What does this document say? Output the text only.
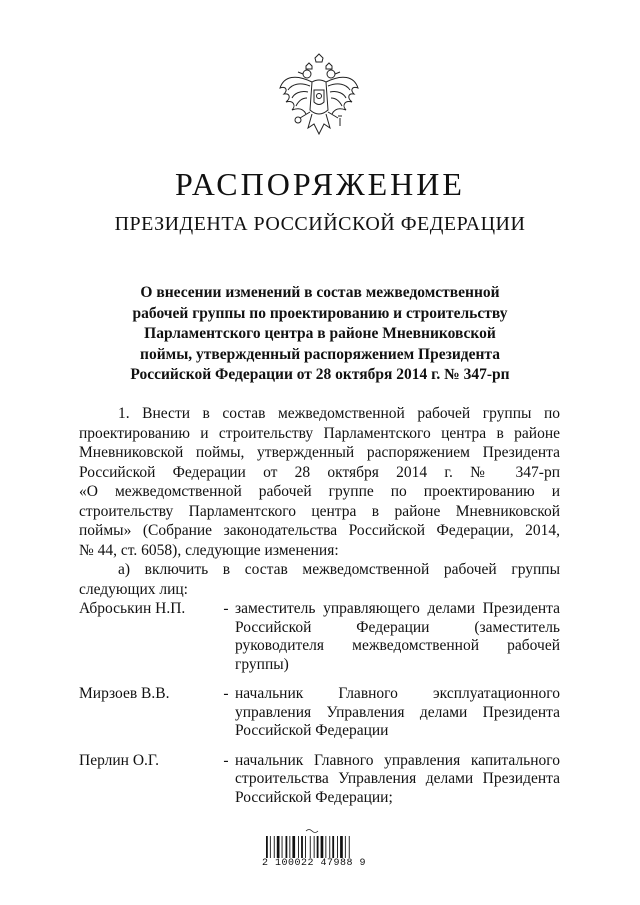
РАСПОРЯЖЕНИЕ
ПРЕЗИДЕНТА РОССИЙСКОЙ ФЕДЕРАЦИИ
О внесении изменений в состав межведомственной
рабочей группы по проектированию и строительству
Парламентского центра в районе Мневниковской
поймы, утвержденный распоряжением Президента
Российской Федерации от 28 октября 2014 г. № 347-рп
1. Внести в состав межведомственной рабочей группы по
проектированию и строительству Парламентского центра в районе
Мневниковской поймы, утвержденный распоряжением Президента
Российской Федерации от 28 октября 2014 г. № 347-рп
«О межведомственной рабочей группе по проектированию и
строительству Парламентского центра в районе Мневниковской
поймы» (Собрание законодательства Российской Федерации, 2014,
№ 44, ст. 6058), следующие изменения:
а) включить в состав межведомственной рабочей группы
следующих лиц:
Аброськин Н.П.	- заместитель управляющего делами Президента
Российской Федерации (заместитель
руководителя межведомственной рабочей
группы)
Мирзоев В.В.	- начальник Главного эксплуатационного
управления Управления делами Президента
Российской Федерации
Перлин О.Г.	- начальник Главного управления капитального
строительства Управления делами Президента
Российской Федерации;
2 100022 47988 9
